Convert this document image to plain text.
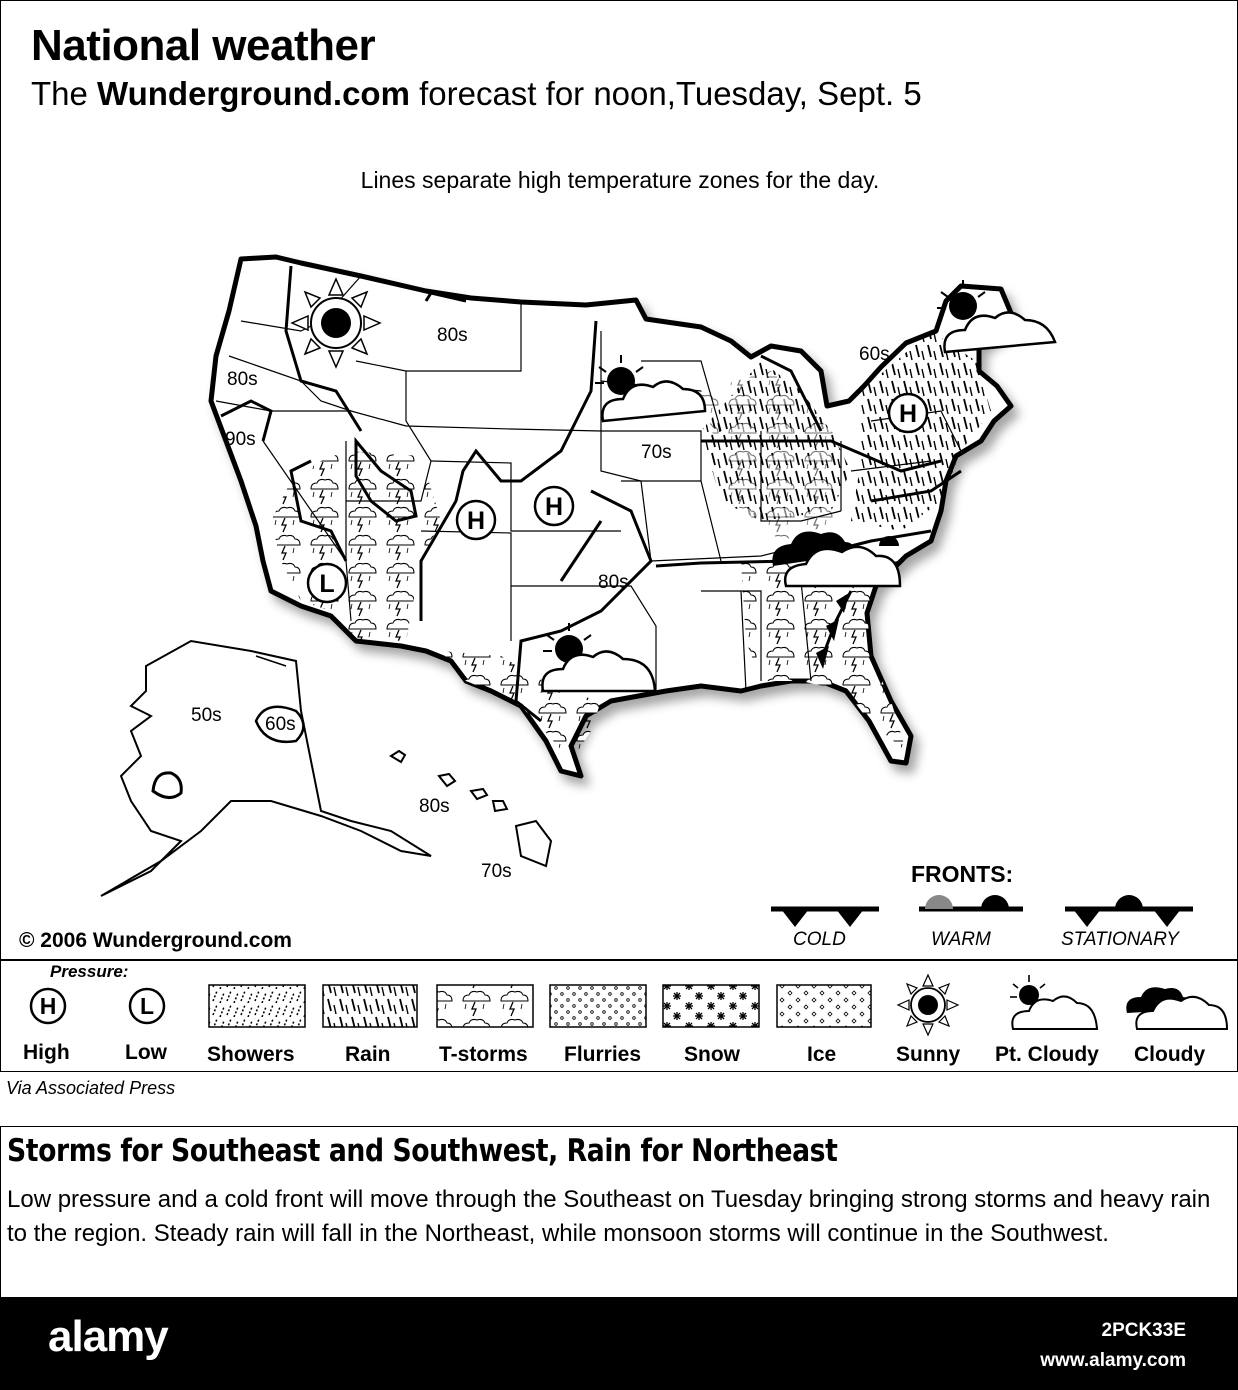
National weather
The Wunderground.com forecast for noon,Tuesday, Sept. 5
Lines separate high temperature zones for the day.
H
H H
L
80s
80s
90s
60s
70s
80s
50s 60s
80s
70s
© 2006 Wunderground.com
FRONTS:
COLD	WARM	STATIONARY
H	L
High	Low Showers Rain T-storms Flurries Snow	Ice	Sunny Pt. Cloudy Cloudy
Pressure:
Via Associated Press
Storms for Southeast and Southwest, Rain for Northeast
Low pressure and a cold front will move through the Southeast on Tuesday bringing strong storms and heavy rain to the region. Steady rain will fall in the Northeast, while monsoon storms will continue in the Southwest.
alamy	2PCK33E
www.alamy.com
